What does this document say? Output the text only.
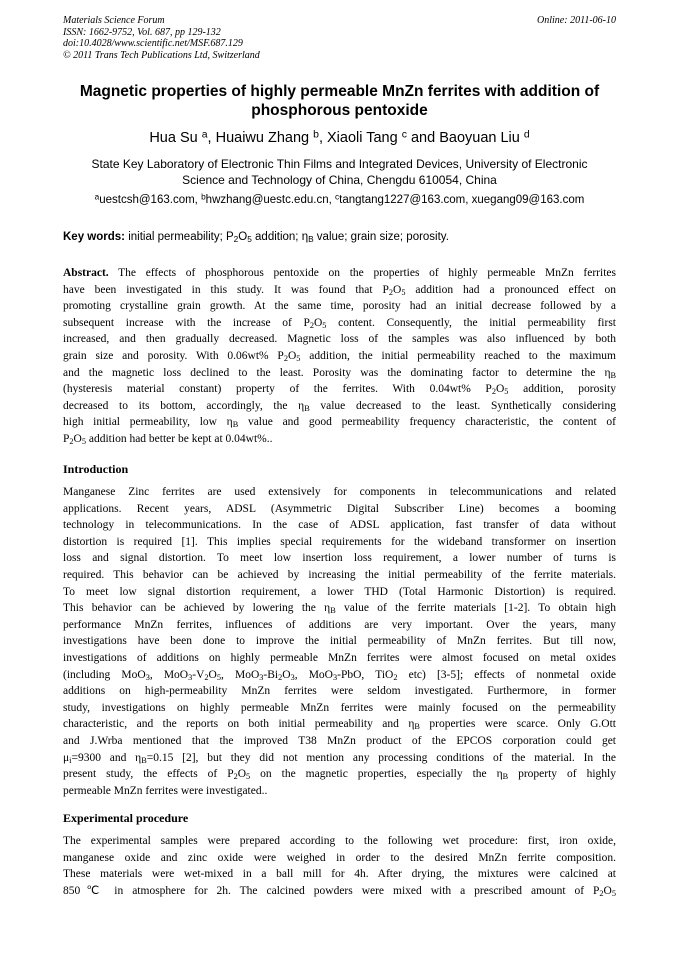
Materials Science Forum
ISSN: 1662-9752, Vol. 687, pp 129-132
doi:10.4028/www.scientific.net/MSF.687.129
© 2011 Trans Tech Publications Ltd, Switzerland
Online: 2011-06-10
Magnetic properties of highly permeable MnZn ferrites with addition of
phosphorous pentoxide
Hua Su $^a$, Huaiwu Zhang $^b$, Xiaoli Tang $^c$ and Baoyuan Liu $^d$
State Key Laboratory of Electronic Thin Films and Integrated Devices, University of Electronic
Science and Technology of China, Chengdu 610054, China
$^a$uestcsh@163.com, $^b$hwzhang@uestc.edu.cn, $^c$tangtang1227@163.com, xuegang09@163.com
Key words: initial permeability; $P_2O_5$ addition; $\eta_B$ value; grain size; porosity.
Abstract. The effects of phosphorous pentoxide on the properties of highly permeable MnZn ferrites
have been investigated in this study. It was found that $P_2O_5$ addition had a pronounced effect on
promoting crystalline grain growth. At the same time, porosity had an initial decrease followed by a
subsequent increase with the increase of $P_2O_5$ content. Consequently, the initial permeability first
increased, and then gradually decreased. Magnetic loss of the samples was also influenced by both
grain size and porosity. With 0.06wt% $P_2O_5$ addition, the initial permeability reached to the maximum
and the magnetic loss declined to the least. Porosity was the dominating factor to determine the $\eta_B$
(hysteresis material constant) property of the ferrites. With 0.04wt% $P_2O_5$ addition, porosity
decreased to its bottom, accordingly, the $\eta_B$ value decreased to the least. Synthetically considering
high initial permeability, low $\eta_B$ value and good permeability frequency characteristic, the content of
$P_2O_5$ addition had better be kept at 0.04wt%..
Introduction
Manganese Zinc ferrites are used extensively for components in telecommunications and related
applications. Recent years, ADSL (Asymmetric Digital Subscriber Line) becomes a booming
technology in telecommunications. In the case of ADSL application, fast transfer of data without
distortion is required [1]. This implies special requirements for the wideband transformer on insertion
loss and signal distortion. To meet low insertion loss requirement, a lower number of turns is
required. This behavior can be achieved by increasing the initial permeability of the ferrite materials.
To meet low signal distortion requirement, a lower THD (Total Harmonic Distortion) is required.
This behavior can be achieved by lowering the $\eta_B$ value of the ferrite materials [1-2]. To obtain high
performance MnZn ferrites, influences of additions are very important. Over the years, many
investigations have been done to improve the initial permeability of MnZn ferrites. But till now,
investigations of additions on highly permeable MnZn ferrites were almost focused on metal oxides
(including MoO$_3$, $MoO_3-V_2O_5$, $MoO_3-Bi_2O_3$, MoO$_3$-PbO, TiO$_2$ etc) [3-5]; effects of nonmetal oxide
additions on high-permeability MnZn ferrites were seldom investigated. Furthermore, in former
study, investigations on highly permeable MnZn ferrites were mainly focused on the permeability
characteristic, and the reports on both initial permeability and $\eta_B$ properties were scarce. Only G.Ott
and J.Wrba mentioned that the improved T38 MnZn product of the EPCOS corporation could get
$\mu_i=9300$ and $\eta_B=0.15$ [2], but they did not mention any processing conditions of the material. In the
present study, the effects of $P_2O_5$ on the magnetic properties, especially the $\eta_B$ property of highly
permeable MnZn ferrites were investigated..
Experimental procedure
The experimental samples were prepared according to the following wet procedure: first, iron oxide,
manganese oxide and zinc oxide were weighed in order to the desired MnZn ferrite composition.
These materials were wet-mixed in a ball mill for 4h. After drying, the mixtures were calcined at
850℃ in atmosphere for 2h. The calcined powders were mixed with a prescribed amount of $P_2O_5$
